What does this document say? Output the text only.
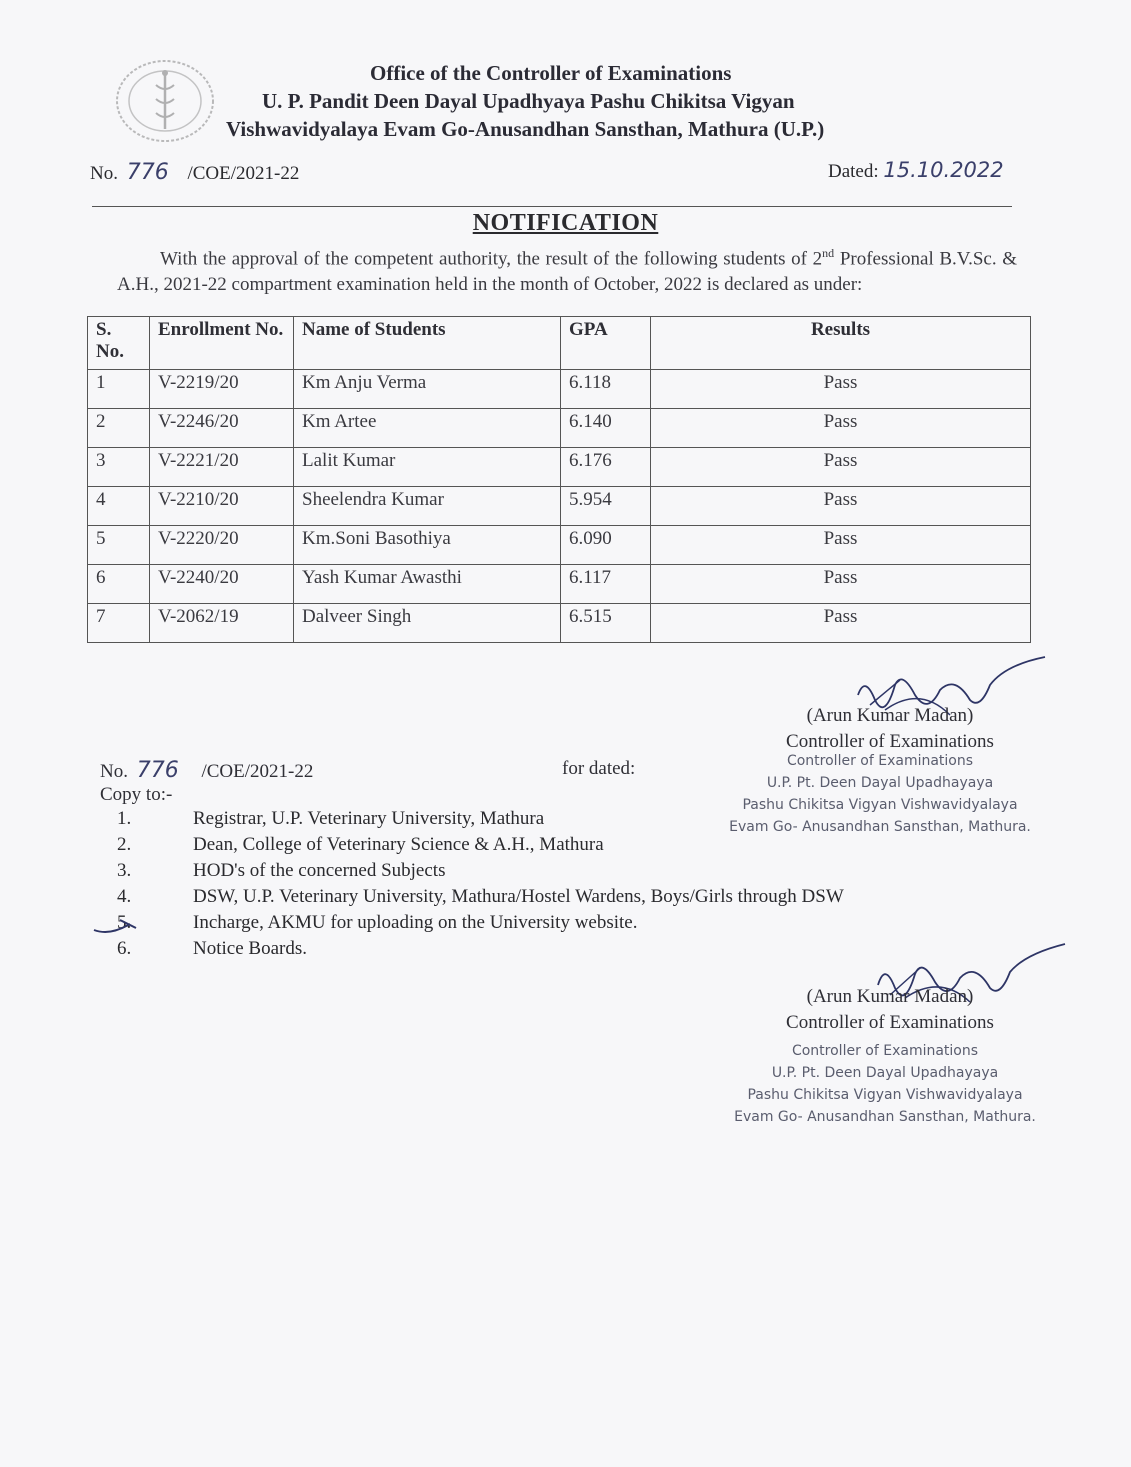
Office of the Controller of Examinations
U. P. Pandit Deen Dayal Upadhyaya Pashu Chikitsa Vigyan
Vishwavidyalaya Evam Go-Anusandhan Sansthan, Mathura (U.P.)
No. 776 /COE/2021-22	Dated: 15.10.2022
NOTIFICATION
With the approval of the competent authority, the result of the following students of 2nd Professional B.V.Sc. & A.H., 2021-22 compartment examination held in the month of October, 2022 is declared as under:
S. No.	Enrollment No.	Name of Students	GPA	Results
1	V-2219/20	Km Anju Verma	6.118	Pass
2	V-2246/20	Km Artee	6.140	Pass
3	V-2221/20	Lalit Kumar	6.176	Pass
4	V-2210/20	Sheelendra Kumar	5.954	Pass
5	V-2220/20	Km.Soni Basothiya	6.090	Pass
6	V-2240/20	Yash Kumar Awasthi	6.117	Pass
7	V-2062/19	Dalveer Singh	6.515	Pass
(Arun Kumar Madan)
Controller of Examinations
Controller of Examinations
U.P. Pt. Deen Dayal Upadhayaya
Pashu Chikitsa Vigyan Vishwavidyalaya
Evam Go- Anusandhan Sansthan, Mathura.
No. 776 /COE/2021-22	for dated:
Copy to:-
1.	Registrar, U.P. Veterinary University, Mathura
2.	Dean, College of Veterinary Science & A.H., Mathura
3.	HOD's of the concerned Subjects
4.	DSW, U.P. Veterinary University, Mathura/Hostel Wardens, Boys/Girls through DSW
5.	Incharge, AKMU for uploading on the University website.
6.	Notice Boards.
(Arun Kumar Madan)
Controller of Examinations
Controller of Examinations
U.P. Pt. Deen Dayal Upadhayaya
Pashu Chikitsa Vigyan Vishwavidyalaya
Evam Go- Anusandhan Sansthan, Mathura.
